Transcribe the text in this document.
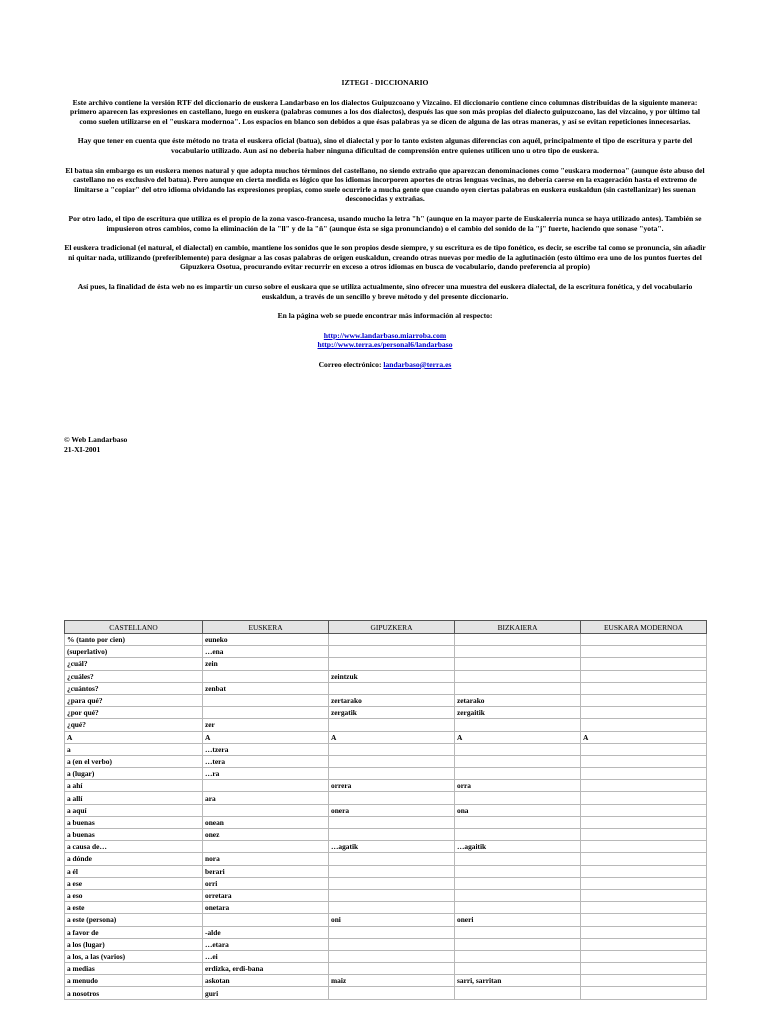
IZTEGI - DICCIONARIO

Este archivo contiene la versión RTF del diccionario de euskera Landarbaso en los dialectos Guipuzcoano y Vizcaino. El diccionario contiene cinco columnas distribuidas de la siguiente manera: primero aparecen las expresiones en castellano, luego en euskera (palabras comunes a los dos dialectos), después las que son más propias del dialecto guipuzcoano, las del vizcaino, y por último tal como suelen utilizarse en el "euskara modernoa". Los espacios en blanco son debidos a que ésas palabras ya se dicen de alguna de las otras maneras, y así se evitan repeticiones innecesarias.

Hay que tener en cuenta que éste método no trata el euskera oficial (batua), sino el dialectal y por lo tanto existen algunas diferencias con aquél, principalmente el tipo de escritura y parte del vocabulario utilizado. Aun así no debería haber ninguna dificultad de comprensión entre quienes utilicen uno u otro tipo de euskera.

El batua sin embargo es un euskera menos natural y que adopta muchos términos del castellano, no siendo extraño que aparezcan denominaciones como "euskara modernoa" (aunque éste abuso del castellano no es exclusivo del batua). Pero aunque en cierta medida es lógico que los idiomas incorporen aportes de otras lenguas vecinas, no debería caerse en la exageración hasta el extremo de limitarse a "copiar" del otro idioma olvidando las expresiones propias, como suele ocurrirle a mucha gente que cuando oyen ciertas palabras en euskera euskaldun (sin castellanizar) les suenan desconocidas y extrañas.

Por otro lado, el tipo de escritura que utiliza es el propio de la zona vasco-francesa, usando mucho la letra "h" (aunque en la mayor parte de Euskalerria nunca se haya utilizado antes). También se impusieron otros cambios, como la eliminación de la "ll" y de la "ñ" (aunque ésta se siga pronunciando) o el cambio del sonido de la "j" fuerte, haciendo que sonase "yota".

El euskera tradicional (el natural, el dialectal) en cambio, mantiene los sonidos que le son propios desde siempre, y su escritura es de tipo fonético, es decir, se escribe tal como se pronuncia, sin añadir ni quitar nada, utilizando (preferiblemente) para designar a las cosas palabras de origen euskaldun, creando otras nuevas por medio de la aglutinación (esto último era uno de los puntos fuertes del Gipuzkera Osotua, procurando evitar recurrir en exceso a otros idiomas en busca de vocabulario, dando preferencia al propio)

Así pues, la finalidad de ésta web no es impartir un curso sobre el euskara que se utiliza actualmente, sino ofrecer una muestra del euskera dialectal, de la escritura fonética, y del vocabulario euskaldun, a través de un sencillo y breve método y del presente diccionario.

En la página web se puede encontrar más información al respecto:

http://www.landarbaso.miarroba.com

http://www.terra.es/personal6/landarbaso

Correo electrónico: landarbaso@terra.es

© Web Landarbaso
21-XI-2001
CASTELLANO	EUSKERA	GIPUZKERA	BIZKAIERA	EUSKARA MODERNOA
% (tanto por cien)	euneko			
(superlativo)	…ena			
¿cuál?	zein			
¿cuáles?		zeintzuk		
¿cuántos?	zenbat			
¿para qué?		zertarako	zetarako	
¿por qué?		zergatik	zergaitik	
¿qué?	zer			
A	A	A	A	A
a	…tzera			
a (en el verbo)	…tera			
a (lugar)	…ra			
a ahí		orrera	orra	
a allí	ara			
a aquí		onera	ona	
a buenas	onean			
a buenas	onez			
a causa de…		…agatik	…agaitik	
a dónde	nora			
a él	berari			
a ese	orri			
a eso	orretara			
a este	onetara			
a este (persona)		oni	oneri	
a favor de	-alde			
a los (lugar)	…etara			
a los, a las (varios)	…ei			
a medias	erdizka, erdi-bana			
a menudo	askotan	maiz	sarri, sarritan	
a nosotros	guri			
